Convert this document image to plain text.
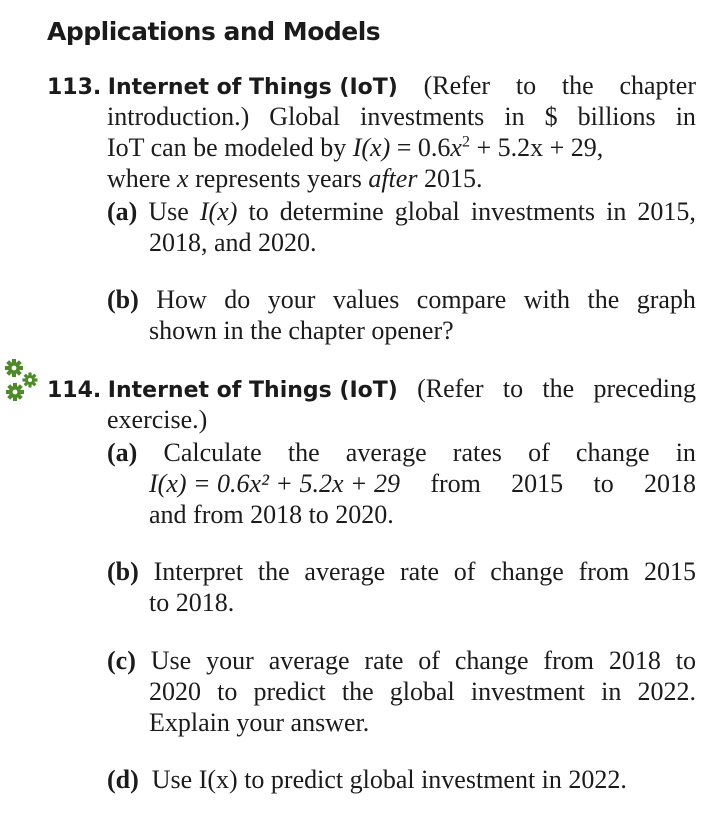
Applications and Models
113. Internet of Things (IoT) (Refer to the chapter
introduction.) Global investments in $ billions in
IoT can be modeled by $I(x) = 0.6x^2 + 5.2x + 29$,
where x represents years after 2015.
(a) Use I(x) to determine global investments in 2015,
2018, and 2020.
(b) How do your values compare with the graph
shown in the chapter opener?
114. Internet of Things (IoT) (Refer to the preceding
exercise.)
(a) Calculate the average rates of change in
I(x) = 0.6x² + 5.2x + 29 from 2015 to 2018
and from 2018 to 2020.
(b) Interpret the average rate of change from 2015
to 2018.
(c) Use your average rate of change from 2018 to
2020 to predict the global investment in 2022.
Explain your answer.
(d) Use I(x) to predict global investment in 2022.
